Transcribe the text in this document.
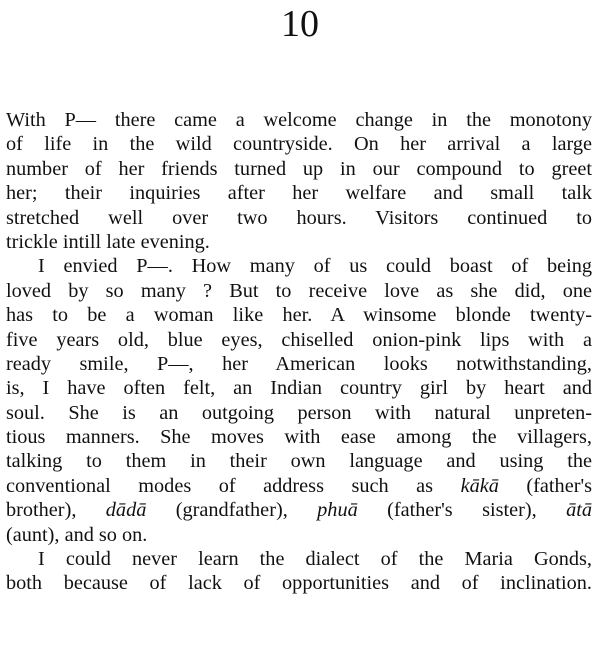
10
With P— there came a welcome change in the monotony
of life in the wild countryside. On her arrival a large
number of her friends turned up in our compound to greet
her; their inquiries after her welfare and small talk
stretched well over two hours. Visitors continued to
trickle intill late evening.
I envied P—. How many of us could boast of being
loved by so many ? But to receive love as she did, one
has to be a woman like her. A winsome blonde twenty-
five years old, blue eyes, chiselled onion-pink lips with a
ready smile, P—, her American looks notwithstanding,
is, I have often felt, an Indian country girl by heart and
soul. She is an outgoing person with natural unpreten-
tious manners. She moves with ease among the villagers,
talking to them in their own language and using the
conventional modes of address such as kākā (father's
brother), dādā (grandfather), phuā (father's sister), ātā
(aunt), and so on.
I could never learn the dialect of the Maria Gonds,
both because of lack of opportunities and of inclination.
